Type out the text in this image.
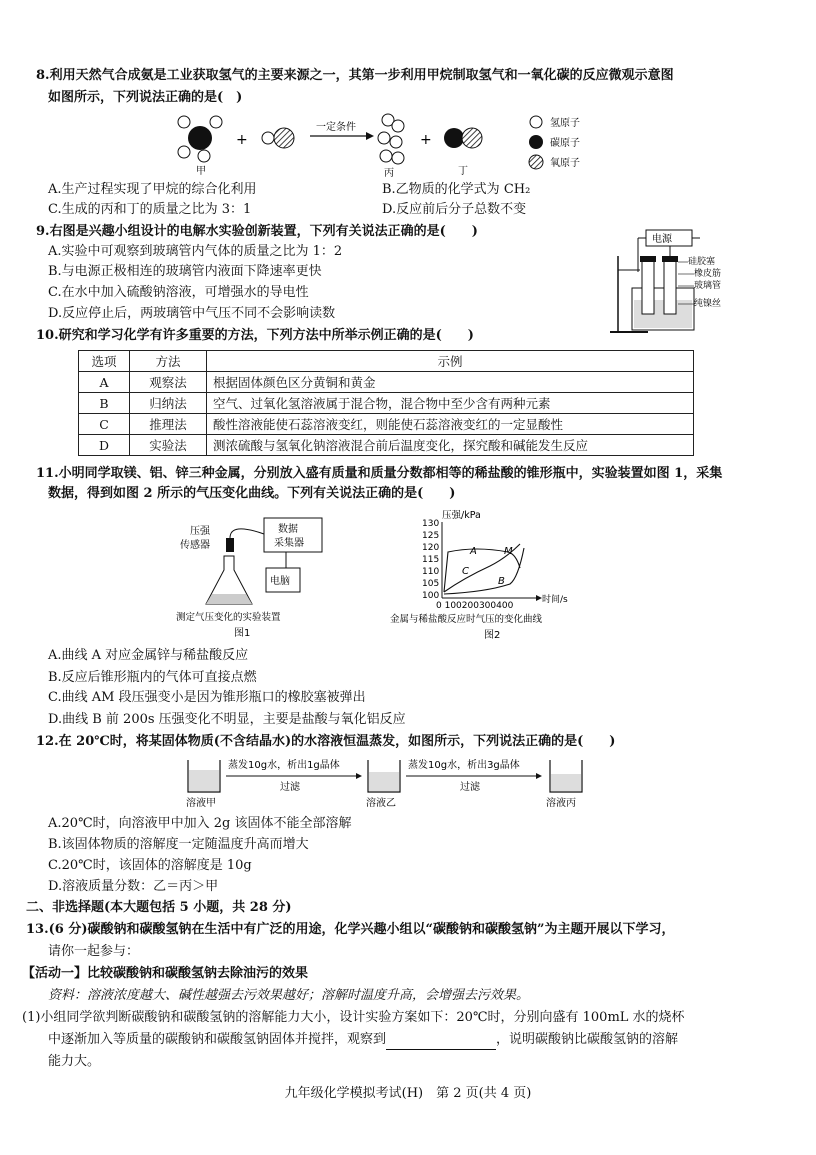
8.利用天然气合成氨是工业获取氢气的主要来源之一，其第一步利用甲烷制取氢气和一氧化碳的反应微观示意图
如图所示，下列说法正确的是(　 )
甲
+
一定条件
丙
+
丁
氢原子
碳原子
氧原子
A.生产过程实现了甲烷的综合化利用	B.乙物质的化学式为 CH₂
C.生成的丙和丁的质量之比为 3：1	D.反应前后分子总数不变
9.右图是兴趣小组设计的电解水实验创新装置，下列有关说法正确的是(　　 )
A.实验中可观察到玻璃管内气体的质量之比为 1：2
B.与电源正极相连的玻璃管内液面下降速率更快
C.在水中加入硫酸钠溶液，可增强水的导电性
D.反应停止后，两玻璃管中气压不同不会影响读数
电源
硅胶塞
橡皮筋
玻璃管
纯镍丝
10.研究和学习化学有许多重要的方法，下列方法中所举示例正确的是(　　 )
选项	方法	示例
A	观察法	根据固体颜色区分黄铜和黄金
B	归纳法	空气、过氧化氢溶液属于混合物，混合物中至少含有两种元素
C	推理法	酸性溶液能使石蕊溶液变红，则能使石蕊溶液变红的一定显酸性
D	实验法	测浓硫酸与氢氧化钠溶液混合前后温度变化，探究酸和碱能发生反应
11.小明同学取镁、铝、锌三种金属，分别放入盛有质量和质量分数都相等的稀盐酸的锥形瓶中，实验装置如图 1，采集
数据，得到如图 2 所示的气压变化曲线。下列有关说法正确的是(　　 )
数据
采集器
电脑
压强
传感器
测定气压变化的实验装置
图1
压强/kPa
时间/s
130
125
120
115
110
105
100
0 100200300400
A	M
C
B
金属与稀盐酸反应时气压的变化曲线
图2
A.曲线 A 对应金属锌与稀盐酸反应
B.反应后锥形瓶内的气体可直接点燃
C.曲线 AM 段压强变小是因为锥形瓶口的橡胶塞被弹出
D.曲线 B 前 200s 压强变化不明显，主要是盐酸与氧化铝反应
12.在 20℃时，将某固体物质(不含结晶水)的水溶液恒温蒸发，如图所示，下列说法正确的是(　　 )
溶液甲
蒸发10g水，析出1g晶体
过滤
溶液乙
蒸发10g水，析出3g晶体
过滤
溶液丙
A.20℃时，向溶液甲中加入 2g 该固体不能全部溶解
B.该固体物质的溶解度一定随温度升高而增大
C.20℃时，该固体的溶解度是 10g
D.溶液质量分数：乙＝丙＞甲
二、非选择题(本大题包括 5 小题，共 28 分)
13.(6 分)碳酸钠和碳酸氢钠在生活中有广泛的用途，化学兴趣小组以“碳酸钠和碳酸氢钠”为主题开展以下学习，
请你一起参与：
【活动一】比较碳酸钠和碳酸氢钠去除油污的效果
资料：溶液浓度越大、碱性越强去污效果越好；溶解时温度升高，会增强去污效果。
(1)小组同学欲判断碳酸钠和碳酸氢钠的溶解能力大小，设计实验方案如下：20℃时，分别向盛有 100mL 水的烧杯
中逐渐加入等质量的碳酸钠和碳酸氢钠固体并搅拌，观察到	，说明碳酸钠比碳酸氢钠的溶解
能力大。
九年级化学模拟考试(H)　第 2 页(共 4 页)
